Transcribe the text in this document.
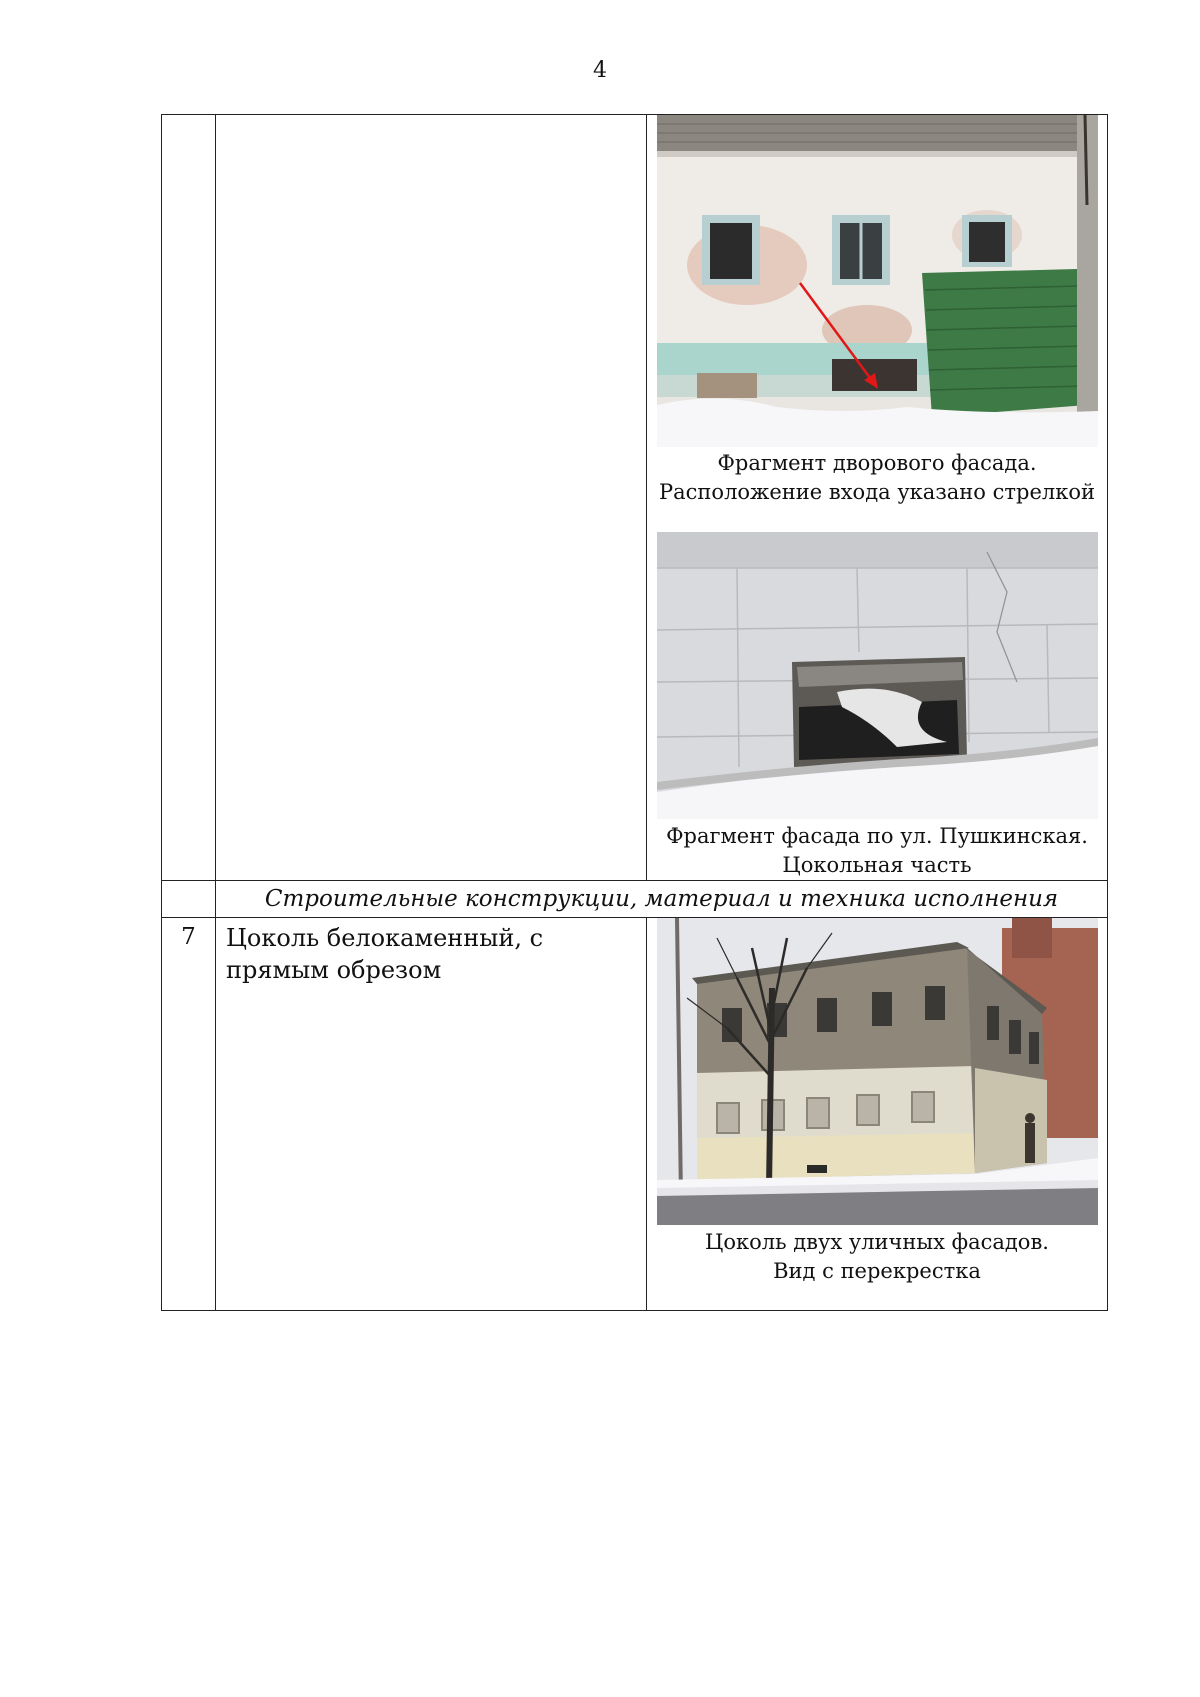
4

		Фрагмент дворового фасада.
Расположение входа указано стрелкой
Фрагмент фасада по ул. Пушкинская.
Цокольная часть

	Строительные конструкции, материал и техника исполнения	
7	Цоколь белокаменный, с прямым обрезом	Цоколь двух уличных фасадов.
Вид с перекрестка
